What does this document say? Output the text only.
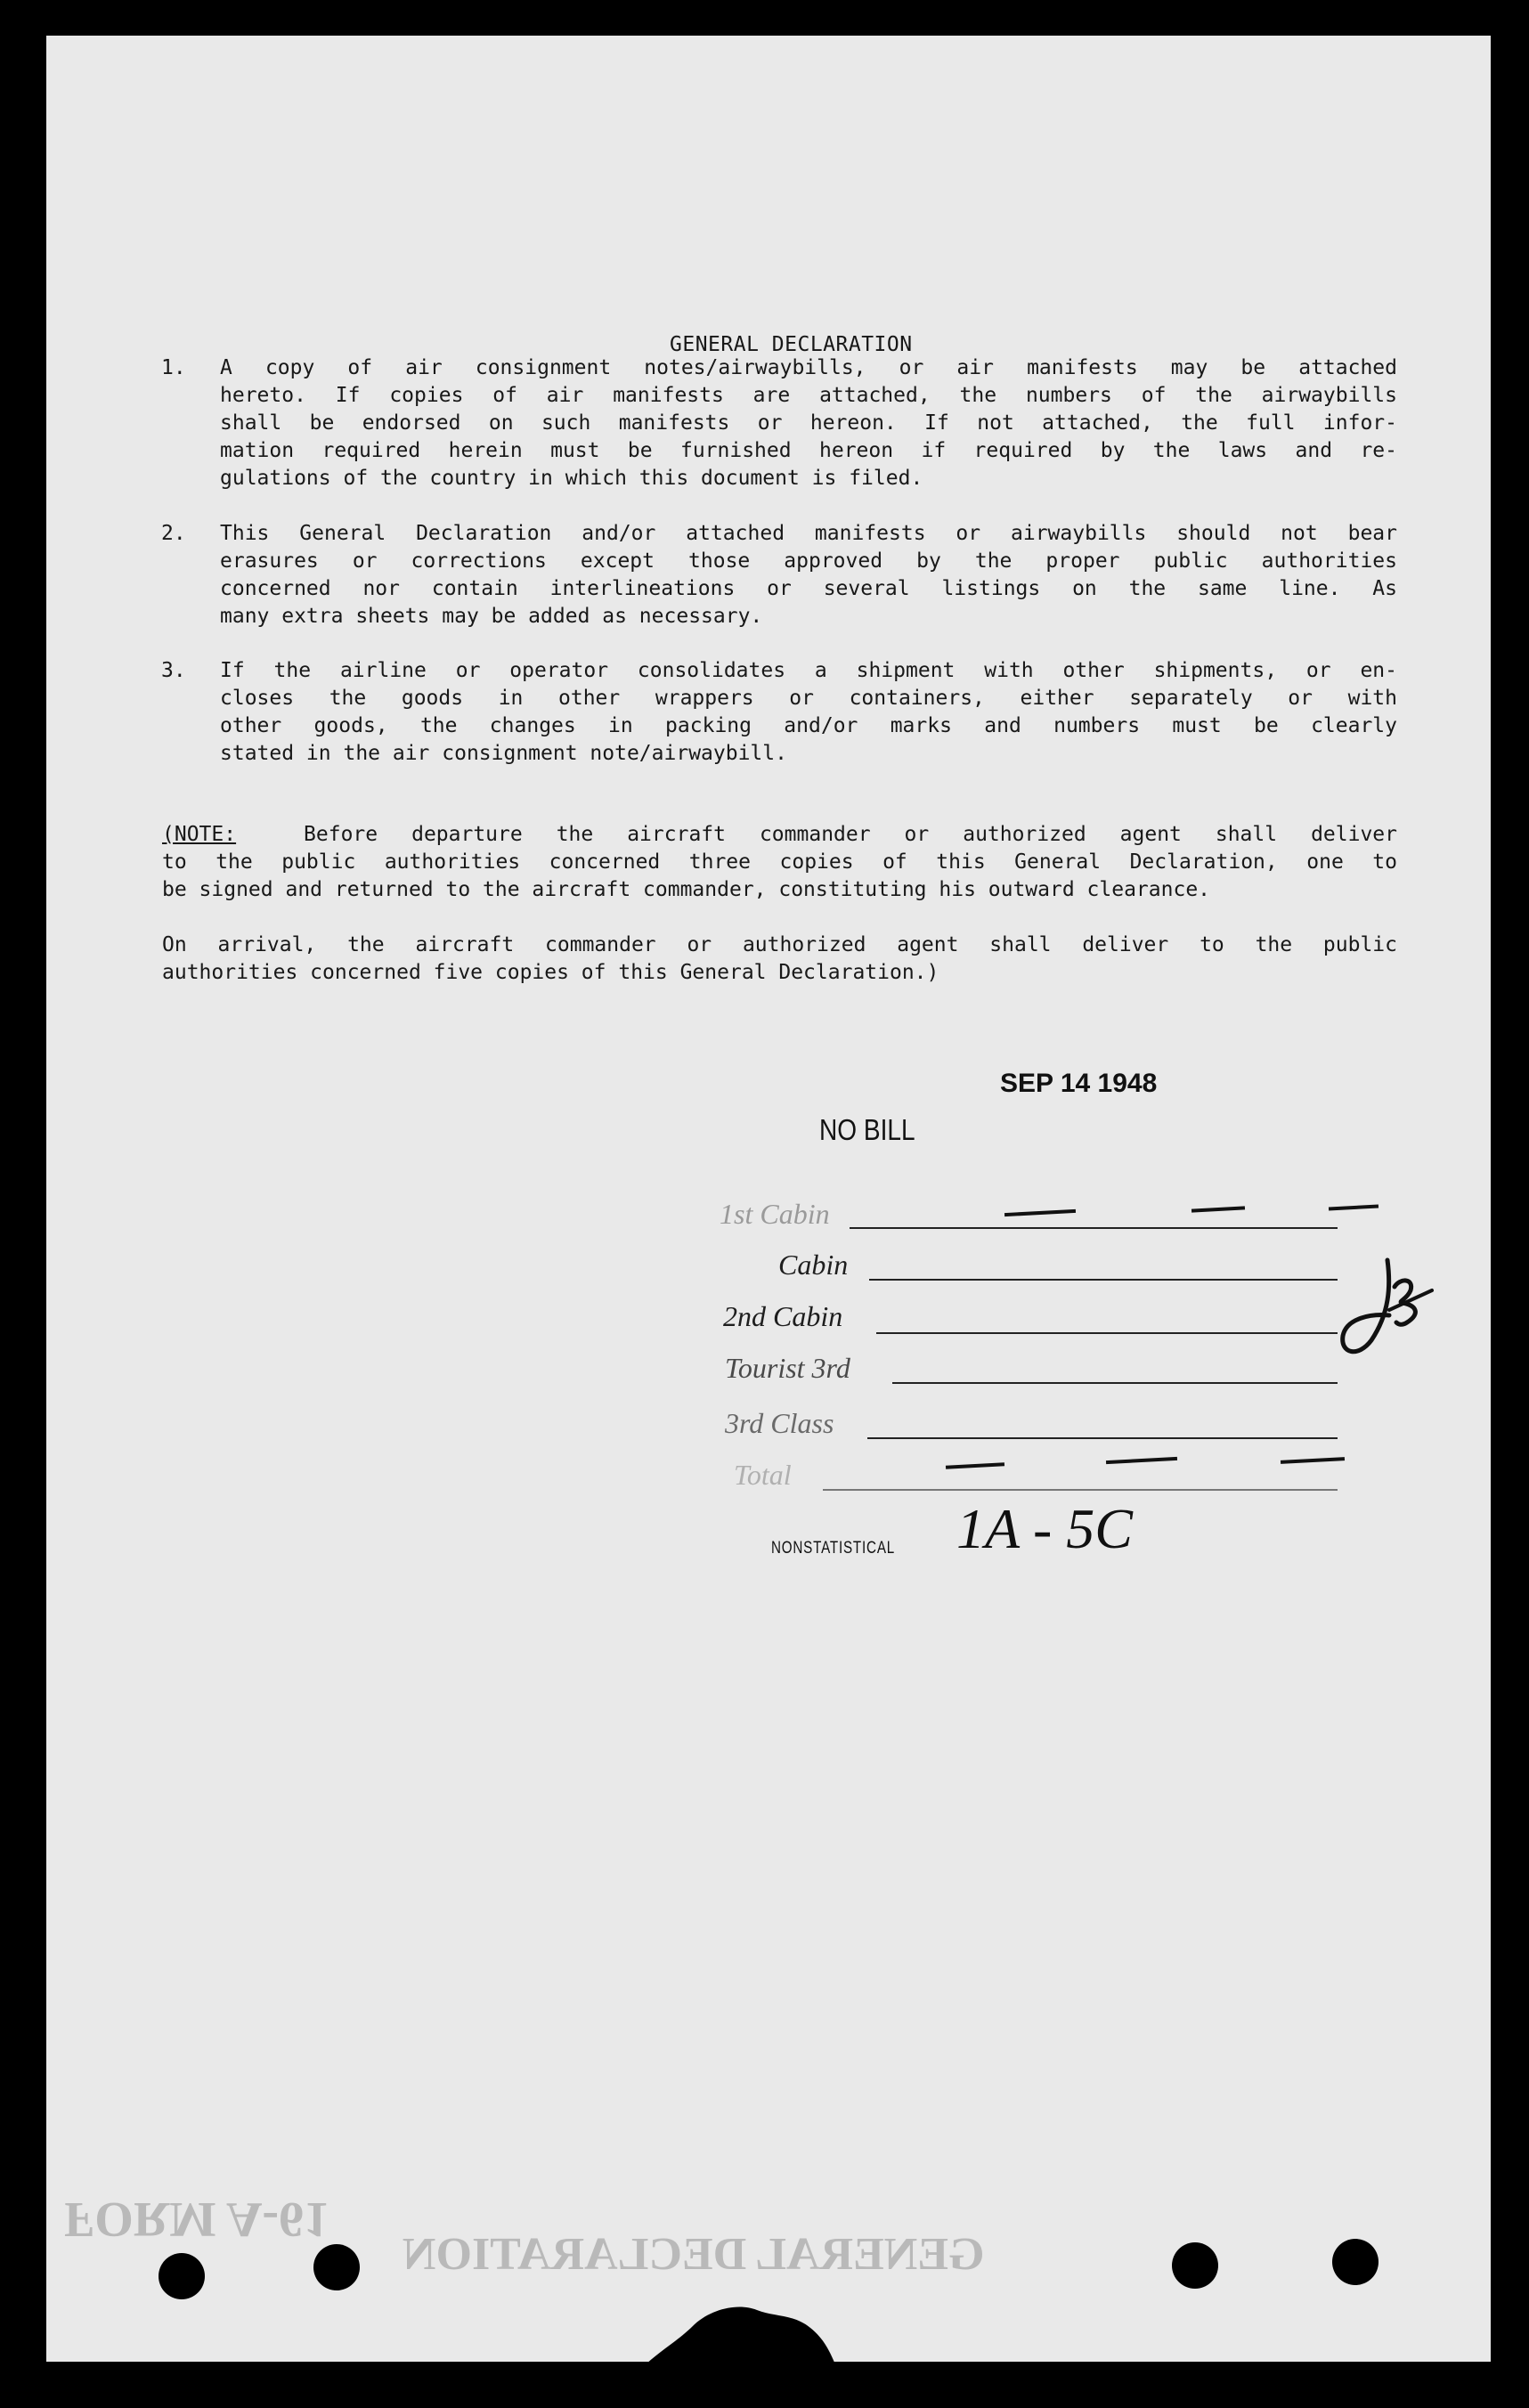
GENERAL DECLARATION
1. A copy of air consignment notes/airwaybills, or air manifests may be attached
hereto. If copies of air manifests are attached, the numbers of the airwaybills
shall be endorsed on such manifests or hereon. If not attached, the full infor-
mation required herein must be furnished hereon if required by the laws and re-
gulations of the country in which this document is filed.
2. This General Declaration and/or attached manifests or airwaybills should not bear
erasures or corrections except those approved by the proper public authorities
concerned nor contain interlineations or several listings on the same line. As
many extra sheets may be added as necessary.
3. If the airline or operator consolidates a shipment with other shipments, or en-
closes the goods in other wrappers or containers, either separately or with
other goods, the changes in packing and/or marks and numbers must be clearly
stated in the air consignment note/airwaybill.
(NOTE:	Before departure the aircraft commander or authorized agent shall deliver
to the public authorities concerned three copies of this General Declaration, one to
be signed and returned to the aircraft commander, constituting his outward clearance.
On arrival, the aircraft commander or authorized agent shall deliver to the public
authorities concerned five copies of this General Declaration.)
SEP 14 1948
NO BILL
1st Cabin
Cabin
2nd Cabin
Tourist 3rd
3rd Class
Total
NONSTATISTICAL 1A - 5C
FORM A-61
GENERAL DECLARATION
